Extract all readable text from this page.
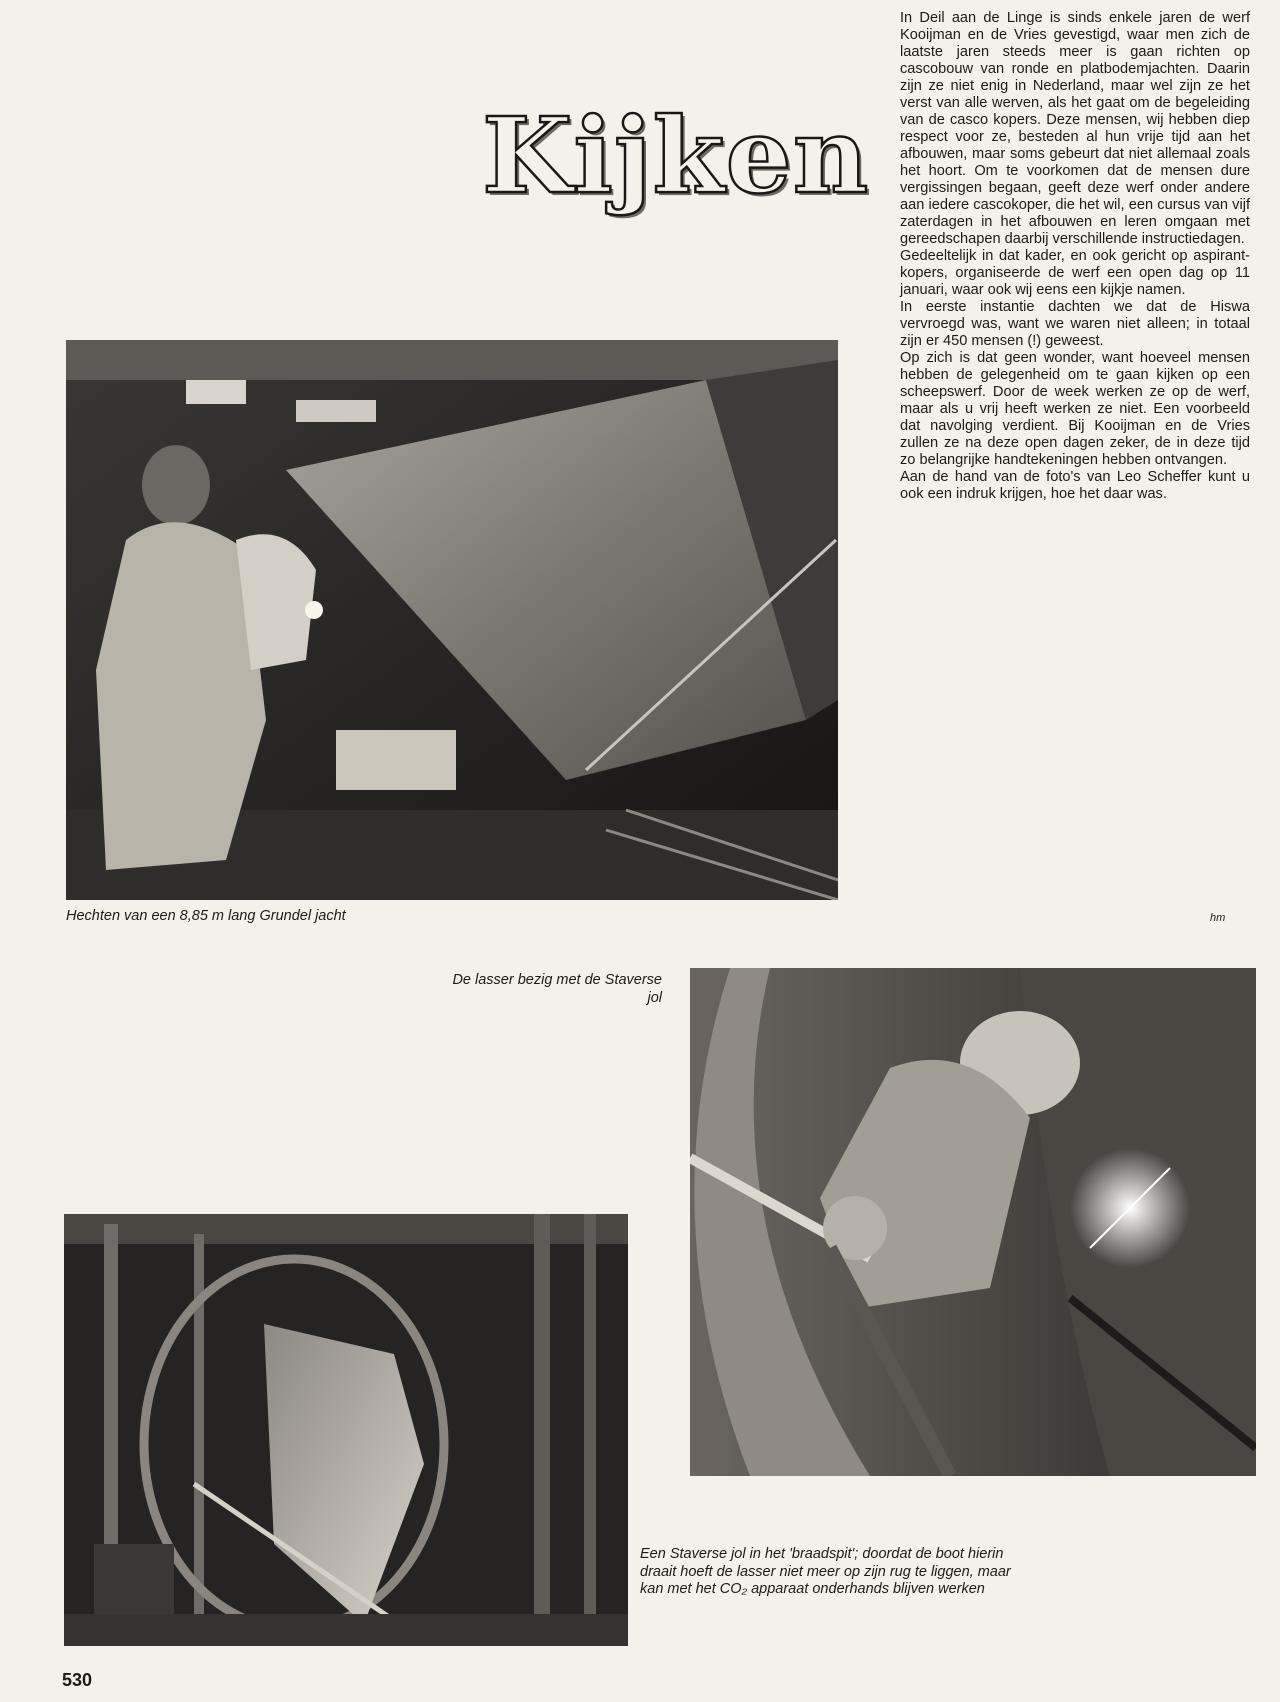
Kijken

In Deil aan de Linge is sinds enkele jaren de werf Kooijman en de Vries gevestigd, waar men zich de laatste jaren steeds meer is gaan richten op cascobouw van ronde en platbodemjachten. Daarin zijn ze niet enig in Nederland, maar wel zijn ze het verst van alle werven, als het gaat om de begeleiding van de casco kopers. Deze mensen, wij hebben diep respect voor ze, besteden al hun vrije tijd aan het afbouwen, maar soms gebeurt dat niet allemaal zoals het hoort. Om te voorkomen dat de mensen dure vergissingen begaan, geeft deze werf onder andere aan iedere cascokoper, die het wil, een cursus van vijf zaterdagen in het afbouwen en leren omgaan met gereedschapen daarbij verschillende instructiedagen.

Gedeeltelijk in dat kader, en ook gericht op aspirant-kopers, organiseerde de werf een open dag op 11 januari, waar ook wij eens een kijkje namen.

In eerste instantie dachten we dat de Hiswa vervroegd was, want we waren niet alleen; in totaal zijn er 450 mensen (!) geweest.

Op zich is dat geen wonder, want hoeveel mensen hebben de gelegenheid om te gaan kijken op een scheepswerf. Door de week werken ze op de werf, maar als u vrij heeft werken ze niet. Een voorbeeld dat navolging verdient. Bij Kooijman en de Vries zullen ze na deze open dagen zeker, de in deze tijd zo belangrijke handtekeningen hebben ontvangen.

Aan de hand van de foto's van Leo Scheffer kunt u ook een indruk krijgen, hoe het daar was.

hm
Hechten van een 8,85 m lang Grundel jacht
De lasser bezig met de Staverse jol
Een Staverse jol in het 'braadspit'; doordat de boot hierin draait hoeft de lasser niet meer op zijn rug te liggen, maar kan met het CO₂ apparaat onderhands blijven werken
530
